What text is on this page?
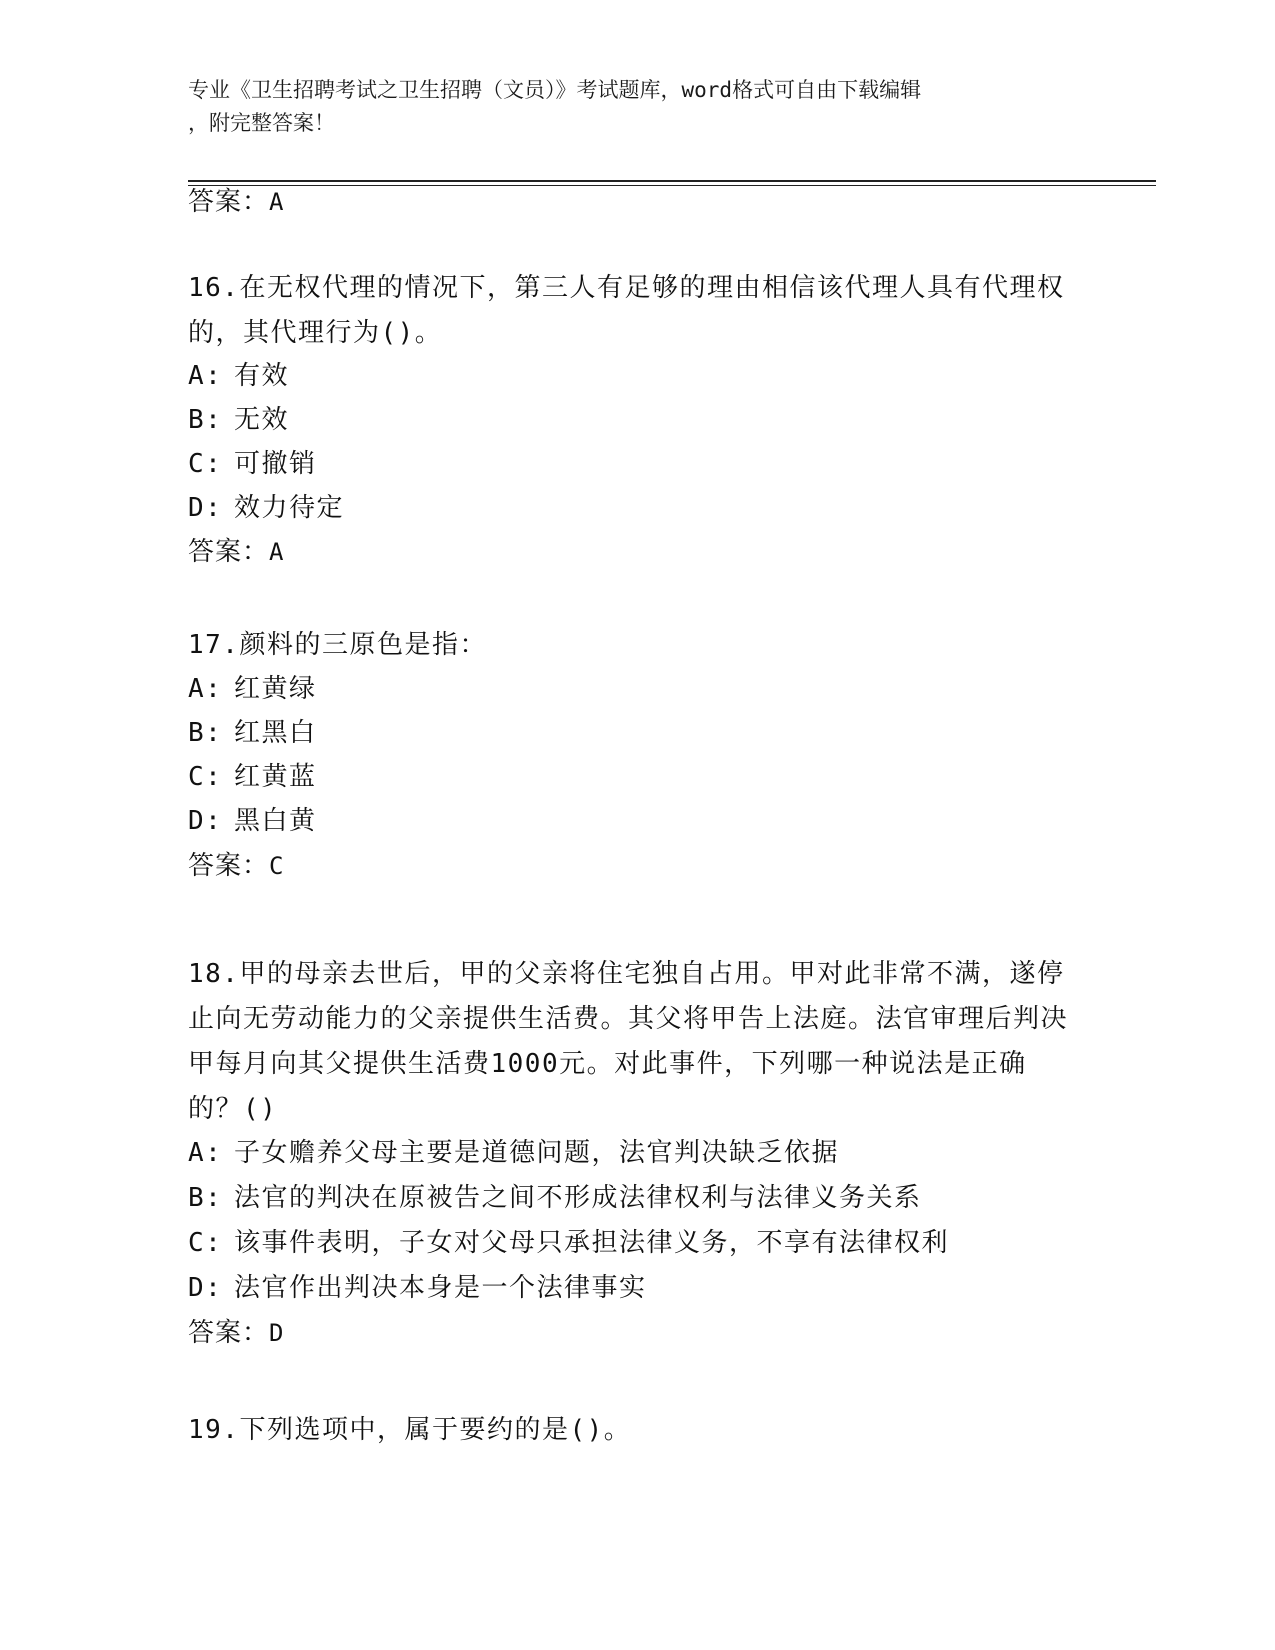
专业《卫生招聘考试之卫生招聘（文员）》考试题库，word格式可自由下载编辑
，附完整答案！
答案：A
16.在无权代理的情况下，第三人有足够的理由相信该代理人具有代理权的，其代理行为()。
A: 有效
B: 无效
C: 可撤销
D: 效力待定
答案：A
17.颜料的三原色是指：
A: 红黄绿
B: 红黑白
C: 红黄蓝
D: 黑白黄
答案：C
18.甲的母亲去世后，甲的父亲将住宅独自占用。甲对此非常不满，遂停止向无劳动能力的父亲提供生活费。其父将甲告上法庭。法官审理后判决甲每月向其父提供生活费1000元。对此事件，下列哪一种说法是正确的？()
A: 子女赡养父母主要是道德问题，法官判决缺乏依据
B: 法官的判决在原被告之间不形成法律权利与法律义务关系
C: 该事件表明，子女对父母只承担法律义务，不享有法律权利
D: 法官作出判决本身是一个法律事实
答案：D
19.下列选项中，属于要约的是()。
